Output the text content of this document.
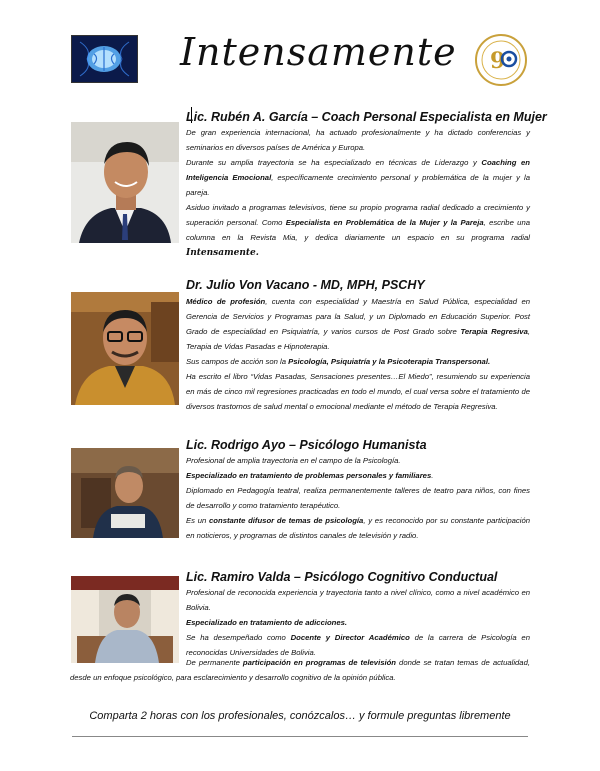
Intensamente 9
Lic. Rubén A. García – Coach Personal Especialista en Mujer
De gran experiencia internacional, ha actuado profesionalmente y ha dictado conferencias y seminarios en diversos países de América y Europa.
Durante su amplia trayectoria se ha especializado en técnicas de Liderazgo y Coaching en Inteligencia Emocional, específicamente crecimiento personal y problemática de la mujer y la pareja.
Asiduo invitado a programas televisivos, tiene su propio programa radial dedicado a crecimiento y superación personal. Como Especialista en Problemática de la Mujer y la Pareja, escribe una columna en la Revista Mia, y dedica diariamente un espacio en su programa radial Intensamente.
Dr. Julio Von Vacano - MD, MPH, PSCHY
Médico de profesión, cuenta con especialidad y Maestría en Salud Pública, especialidad en Gerencia de Servicios y Programas para la Salud, y un Diplomado en Educación Superior. Post Grado de especialidad en Psiquiatría, y varios cursos de Post Grado sobre Terapia Regresiva, Terapia de Vidas Pasadas e Hipnoterapia.
Sus campos de acción son la Psicología, Psiquiatría y la Psicoterapia Transpersonal.
Ha escrito el libro “Vidas Pasadas, Sensaciones presentes…El Miedo”, resumiendo su experiencia en más de cinco mil regresiones practicadas en todo el mundo, el cual versa sobre el tratamiento de diversos trastornos de salud mental o emocional mediante el método de Terapia Regresiva.
Lic. Rodrigo Ayo – Psicólogo Humanista
Profesional de amplia trayectoria en el campo de la Psicología.
Especializado en tratamiento de problemas personales y familiares.
Diplomado en Pedagogía teatral, realiza permanentemente talleres de teatro para niños, con fines de desarrollo y como tratamiento terapéutico.
Es un constante difusor de temas de psicología, y es reconocido por su constante participación en noticieros, y programas de distintos canales de televisión y radio.
Lic. Ramiro Valda – Psicólogo Cognitivo Conductual
Profesional de reconocida experiencia y trayectoria tanto a nivel clínico, como a nivel académico en Bolivia.
Especializado en tratamiento de adicciones.
Se ha desempeñado como Docente y Director Académico de la carrera de Psicología en reconocidas Universidades de Bolivia.
De permanente participación en programas de televisión donde se tratan temas de actualidad, desde un enfoque psicológico, para esclarecimiento y desarrollo cognitivo de la opinión pública.
Comparta 2 horas con los profesionales, conózcalos… y formule preguntas libremente
